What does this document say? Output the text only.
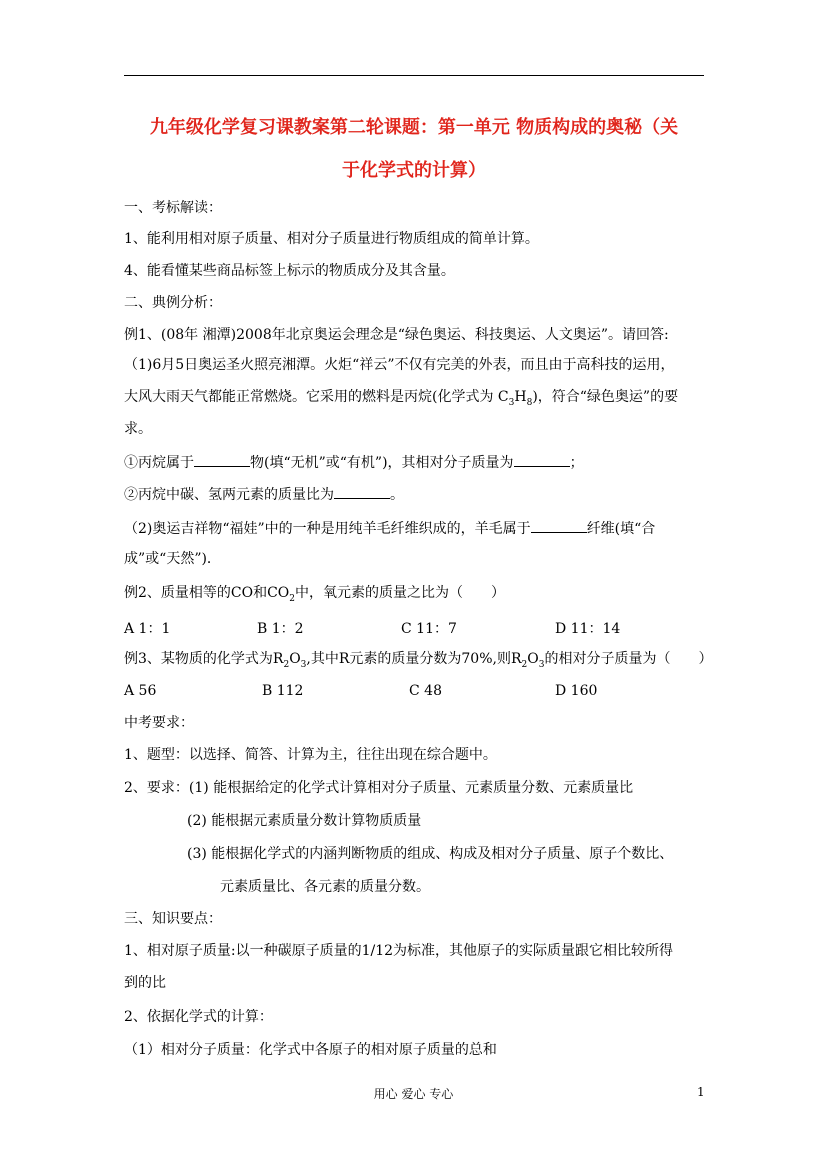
九年级化学复习课教案第二轮课题：第一单元 物质构成的奥秘（关
于化学式的计算）
一、考标解读：
1、能利用相对原子质量、相对分子质量进行物质组成的简单计算。
4、能看懂某些商品标签上标示的物质成分及其含量。
二、典例分析：
例1、(08年 湘潭)2008年北京奥运会理念是“绿色奥运、科技奥运、人文奥运”。请回答:
（1)6月5日奥运圣火照亮湘潭。火炬“祥云”不仅有完美的外表，而且由于高科技的运用，
大风大雨天气都能正常燃烧。它采用的燃料是丙烷(化学式为 $C_3H_8$)，符合“绿色奥运”的要
求。
①丙烷属于	物(填“无机”或“有机”)，其相对分子质量为	；
②丙烷中碳、氢两元素的质量比为	。
（2)奥运吉祥物“福娃”中的一种是用纯羊毛纤维织成的，羊毛属于	纤维(填“合
成”或“天然”)．
例2、质量相等的CO和$CO_2$中，氧元素的质量之比为（ ）
A 1：1	B 1：2	C 11：7	D 11：14
例3、某物质的化学式为$R_2O_3$,其中R元素的质量分数为70%,则$R_2O_3$的相对分子质量为（ ）
A 56	B 112	C 48	D 160
中考要求：
1、题型：以选择、简答、计算为主，往往出现在综合题中。
2、要求：(1) 能根据给定的化学式计算相对分子质量、元素质量分数、元素质量比
(2) 能根据元素质量分数计算物质质量
(3) 能根据化学式的内涵判断物质的组成、构成及相对分子质量、原子个数比、
元素质量比、各元素的质量分数。
三、知识要点：
1、相对原子质量:以一种碳原子质量的1/12为标准，其他原子的实际质量跟它相比较所得
到的比
2、依据化学式的计算：
（1）相对分子质量：化学式中各原子的相对原子质量的总和
用心 爱心 专心	1
